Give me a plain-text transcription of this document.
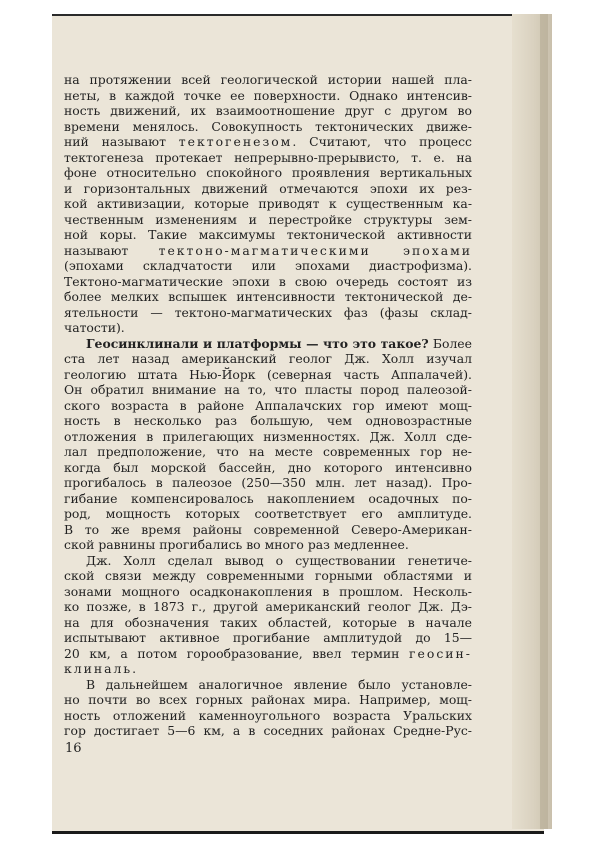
на протяжении всей геологической истории нашей пла-
неты, в каждой точке ее поверхности. Однако интенсив-
ность движений, их взаимоотношение друг с другом во
времени менялось. Совокупность тектонических движе-
ний называют тектогенезом. Считают, что процесс
тектогенеза протекает непрерывно-прерывисто, т. е. на
фоне относительно спокойного проявления вертикальных
и горизонтальных движений отмечаются эпохи их рез-
кой активизации, которые приводят к существенным ка-
чественным изменениям и перестройке структуры зем-
ной коры. Такие максимумы тектонической активности
называют тектоно-магматическими эпохами
(эпохами складчатости или эпохами диастрофизма).
Тектоно-магматические эпохи в свою очередь состоят из
более мелких вспышек интенсивности тектонической де-
ятельности — тектоно-магматических фаз (фазы склад-
чатости).
Геосинклинали и платформы — что это такое? Более
ста лет назад американский геолог Дж. Холл изучал
геологию штата Нью-Йорк (северная часть Аппалачей).
Он обратил внимание на то, что пласты пород палеозой-
ского возраста в районе Аппалачских гор имеют мощ-
ность в несколько раз большую, чем одновозрастные
отложения в прилегающих низменностях. Дж. Холл сде-
лал предположение, что на месте современных гор не-
когда был морской бассейн, дно которого интенсивно
прогибалось в палеозое (250—350 млн. лет назад). Про-
гибание компенсировалось накоплением осадочных по-
род, мощность которых соответствует его амплитуде.
В то же время районы современной Северо-Американ-
ской равнины прогибались во много раз медленнее.
Дж. Холл сделал вывод о существовании генетиче-
ской связи между современными горными областями и
зонами мощного осадконакопления в прошлом. Несколь-
ко позже, в 1873 г., другой американский геолог Дж. Дэ-
на для обозначения таких областей, которые в начале
испытывают активное прогибание амплитудой до 15—
20 км, а потом горообразование, ввел термин геосин-
клиналь.
В дальнейшем аналогичное явление было установле-
но почти во всех горных районах мира. Например, мощ-
ность отложений каменноугольного возраста Уральских
гор достигает 5—6 км, а в соседних районах Средне-Рус-
16
